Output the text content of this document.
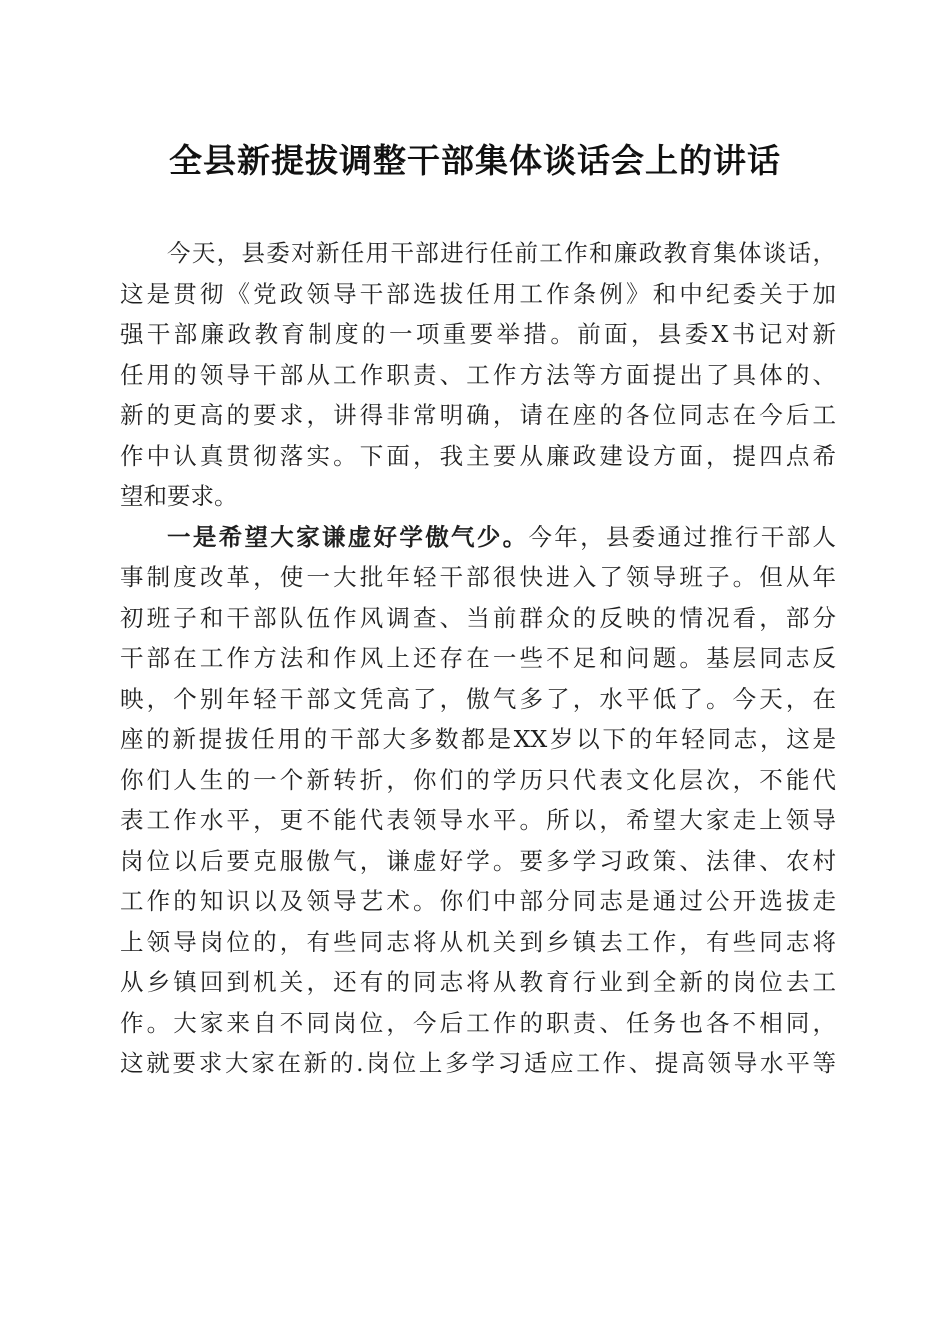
全县新提拔调整干部集体谈话会上的讲话
今天，县委对新任用干部进行任前工作和廉政教育集体谈话，
这是贯彻《党政领导干部选拔任用工作条例》和中纪委关于加
强干部廉政教育制度的一项重要举措。前面，县委X书记对新
任用的领导干部从工作职责、工作方法等方面提出了具体的、
新的更高的要求，讲得非常明确，请在座的各位同志在今后工
作中认真贯彻落实。下面，我主要从廉政建设方面，提四点希
望和要求。
一是希望大家谦虚好学傲气少。今年，县委通过推行干部人
事制度改革，使一大批年轻干部很快进入了领导班子。但从年
初班子和干部队伍作风调查、当前群众的反映的情况看，部分
干部在工作方法和作风上还存在一些不足和问题。基层同志反
映，个别年轻干部文凭高了，傲气多了，水平低了。今天，在
座的新提拔任用的干部大多数都是XX岁以下的年轻同志，这是
你们人生的一个新转折，你们的学历只代表文化层次，不能代
表工作水平，更不能代表领导水平。所以，希望大家走上领导
岗位以后要克服傲气，谦虚好学。要多学习政策、法律、农村
工作的知识以及领导艺术。你们中部分同志是通过公开选拔走
上领导岗位的，有些同志将从机关到乡镇去工作，有些同志将
从乡镇回到机关，还有的同志将从教育行业到全新的岗位去工
作。大家来自不同岗位，今后工作的职责、任务也各不相同，
这就要求大家在新的.岗位上多学习适应工作、提高领导水平等
